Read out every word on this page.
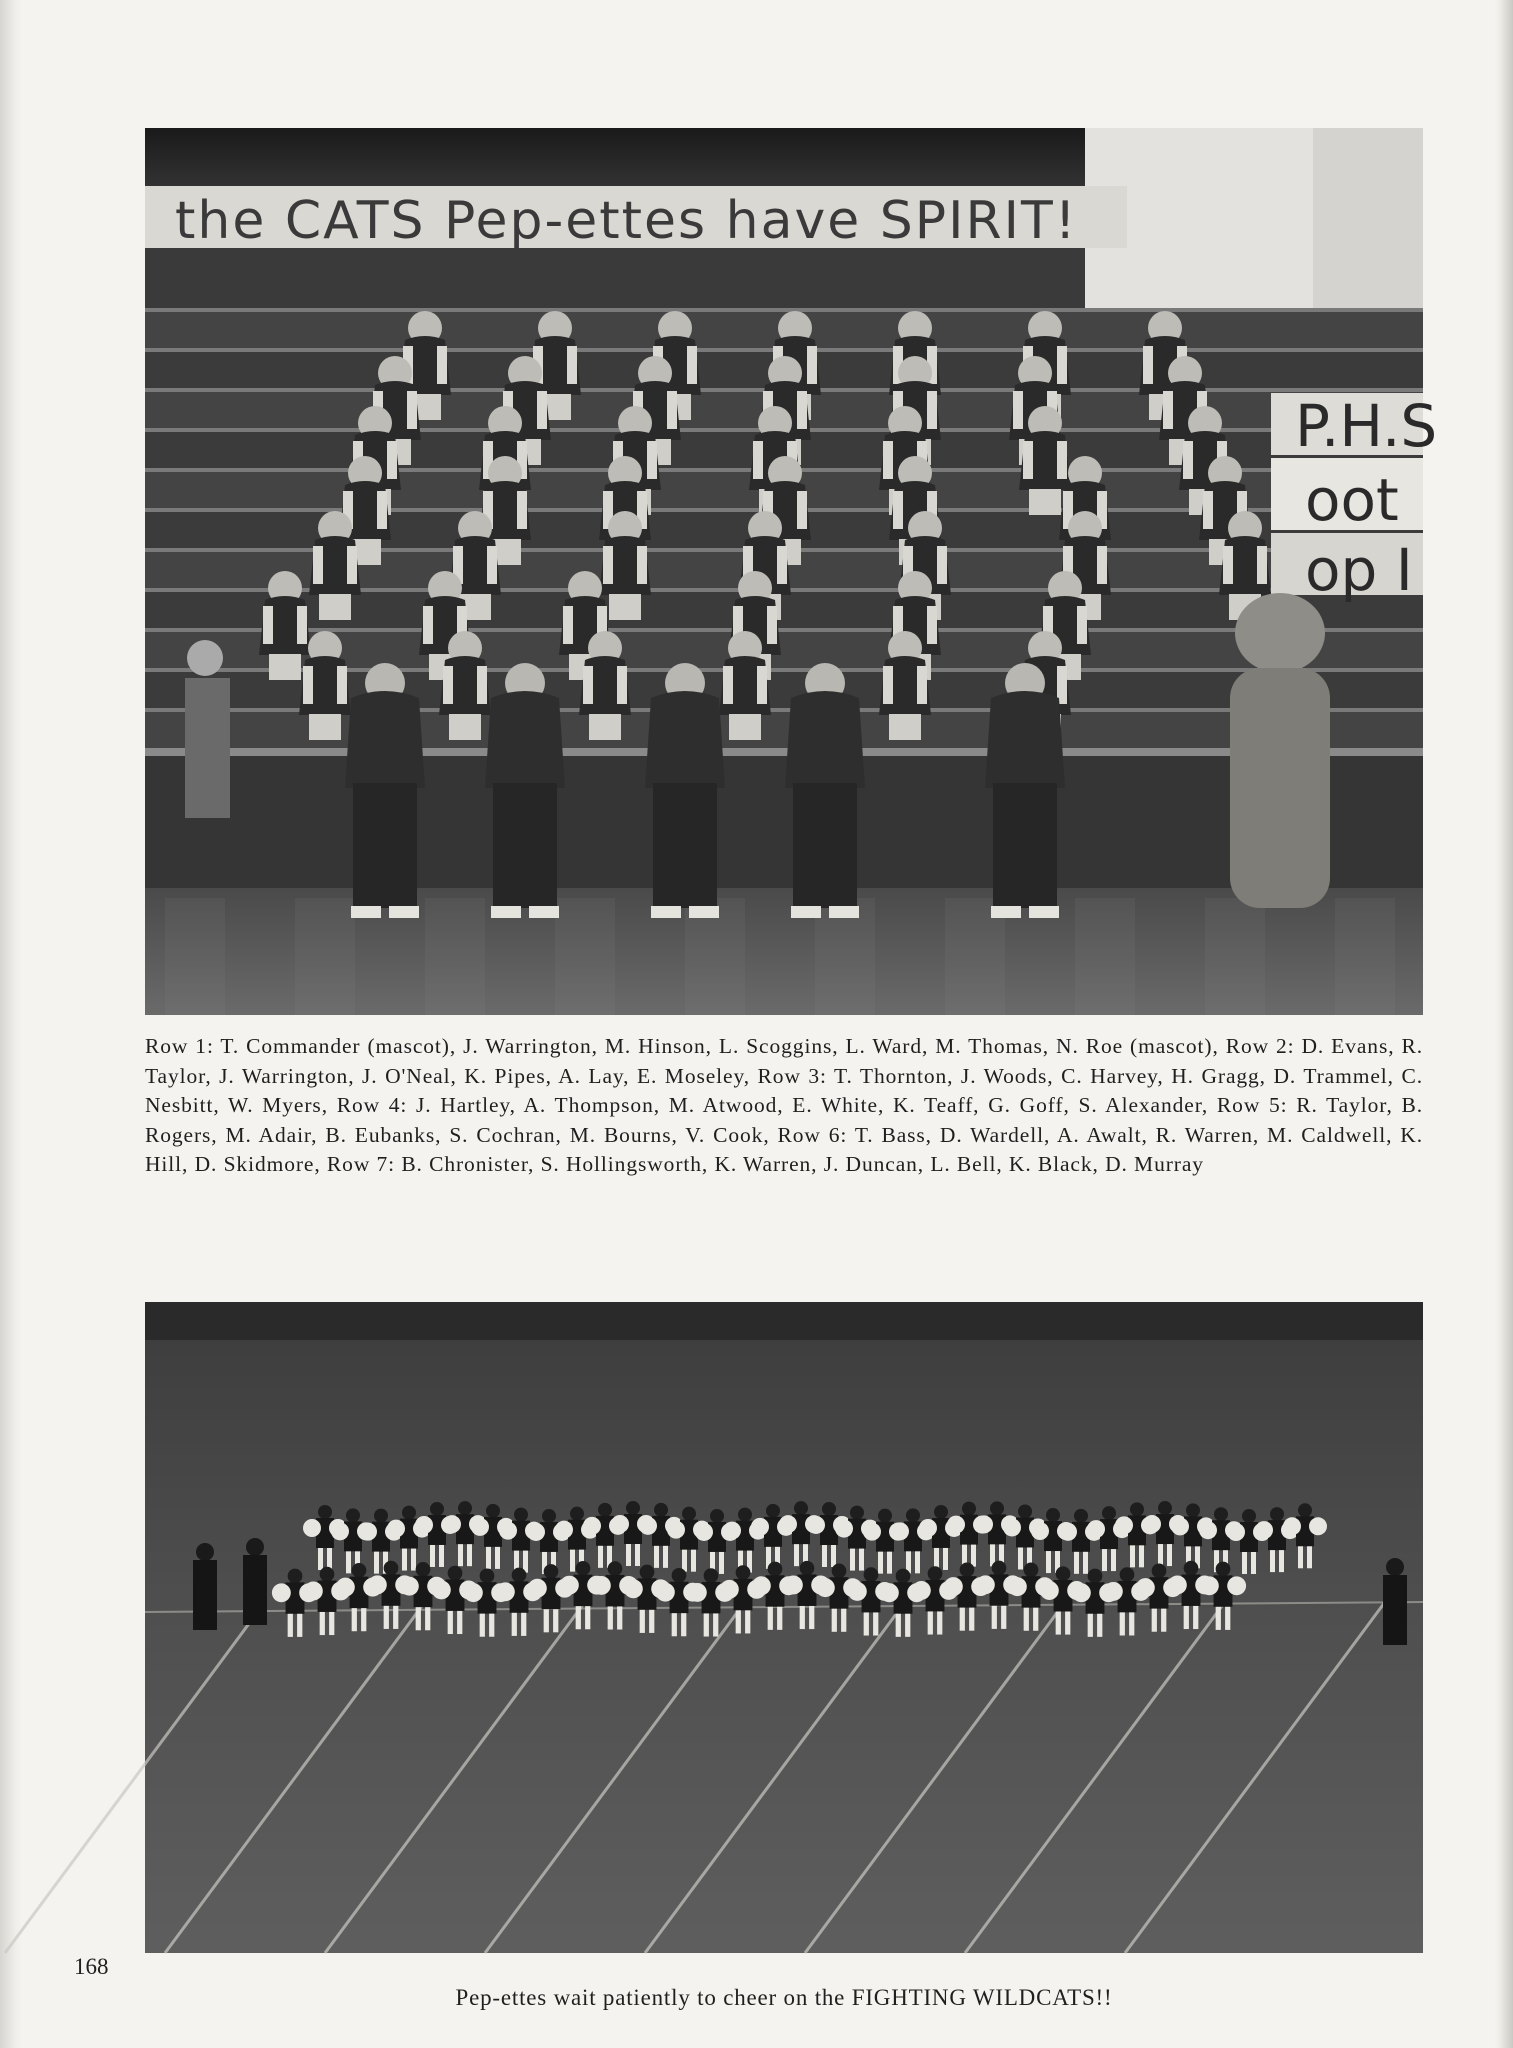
the CATS Pep-ettes have SPIRIT!
P.H.S
oot
op I

Row 1: T. Commander (mascot), J. Warrington, M. Hinson, L. Scoggins, L. Ward, M. Thomas, N. Roe (mascot), Row 2: D. Evans, R. Taylor, J. Warrington, J. O'Neal, K. Pipes, A. Lay, E. Moseley, Row 3: T. Thornton, J. Woods, C. Harvey, H. Gragg, D. Trammel, C. Nesbitt, W. Myers, Row 4: J. Hartley, A. Thompson, M. Atwood, E. White, K. Teaff, G. Goff, S. Alexander, Row 5: R. Taylor, B. Rogers, M. Adair, B. Eubanks, S. Cochran, M. Bourns, V. Cook, Row 6: T. Bass, D. Wardell, A. Awalt, R. Warren, M. Caldwell, K. Hill, D. Skidmore, Row 7: B. Chronister, S. Hollingsworth, K. Warren, J. Duncan, L. Bell, K. Black, D. Murray

168
Pep-ettes wait patiently to cheer on the FIGHTING WILDCATS!!
